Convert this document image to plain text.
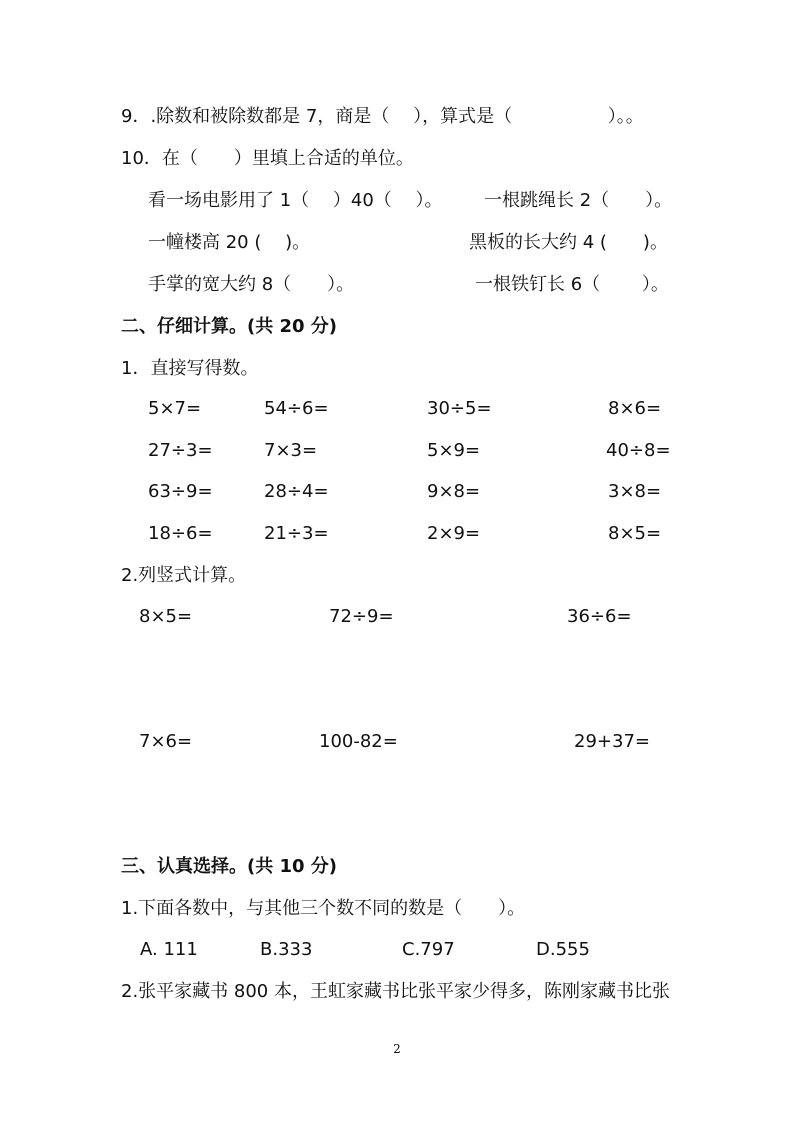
9．.除数和被除数都是 7，商是（　 ），算式是（　　　　　 ）。。
10．在（　　）里填上合适的单位。
看一场电影用了 1（　 ）40（　 ）。 一根跳绳长 2（　　）。
一幢楼高 20 (　 )。	黑板的长大约 4 (　　)。
手掌的宽大约 8（　　）。	一根铁钉长 6（　　 ）。
二、仔细计算。(共 20 分)
1．直接写得数。
5×7=	54÷6=	30÷5=	8×6=
27÷3=	7×3=	5×9=	40÷8=
63÷9=	28÷4=	9×8=	3×8=
18÷6=	21÷3=	2×9=	8×5=
2.列竖式计算。
8×5=	72÷9=	36÷6=
7×6=	100-82=	29+37=
三、认真选择。(共 10 分)
1.下面各数中，与其他三个数不同的数是（　　）。
A. 111	B.333	C.797	D.555
2.张平家藏书 800 本，王虹家藏书比张平家少得多，陈刚家藏书比张
2
